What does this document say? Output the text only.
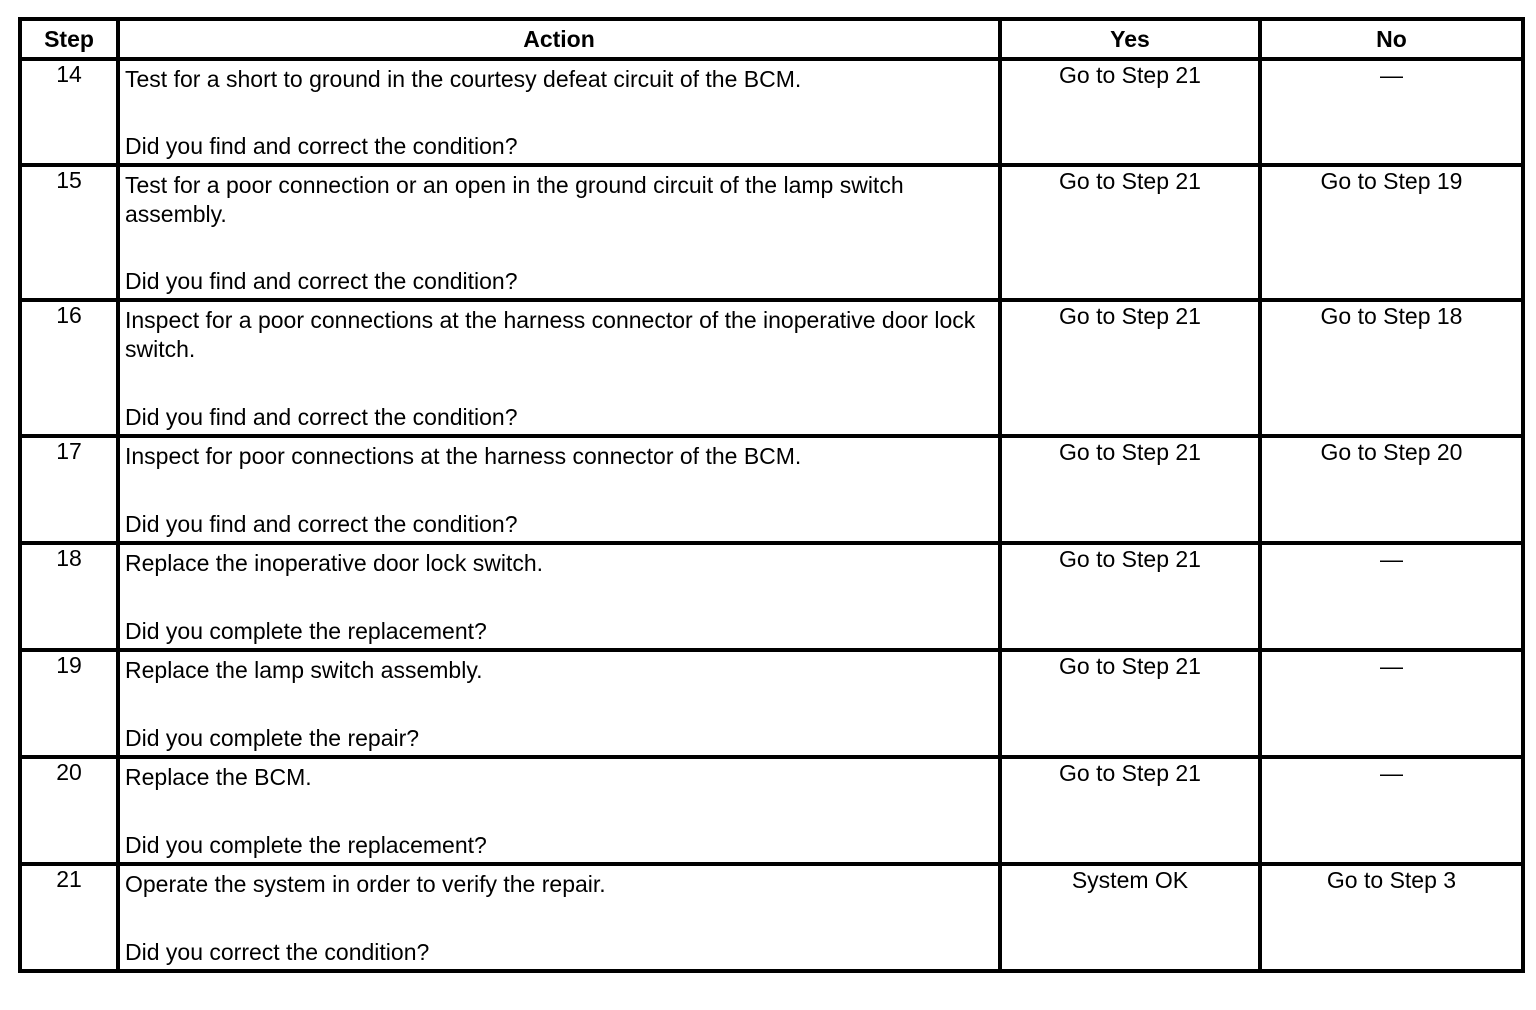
Step	Action	Yes	No
14	Test for a short to ground in the courtesy defeat circuit of the BCM.
Did you find and correct the condition?	Go to Step 21	—
15	Test for a poor connection or an open in the ground circuit of the lamp switch assembly.
Did you find and correct the condition?	Go to Step 21	Go to Step 19
16	Inspect for a poor connections at the harness connector of the inoperative door lock switch.
Did you find and correct the condition?	Go to Step 21	Go to Step 18
17	Inspect for poor connections at the harness connector of the BCM.
Did you find and correct the condition?	Go to Step 21	Go to Step 20
18	Replace the inoperative door lock switch.
Did you complete the replacement?	Go to Step 21	—
19	Replace the lamp switch assembly.
Did you complete the repair?	Go to Step 21	—
20	Replace the BCM.
Did you complete the replacement?	Go to Step 21	—
21	Operate the system in order to verify the repair.
Did you correct the condition?	System OK	Go to Step 3
